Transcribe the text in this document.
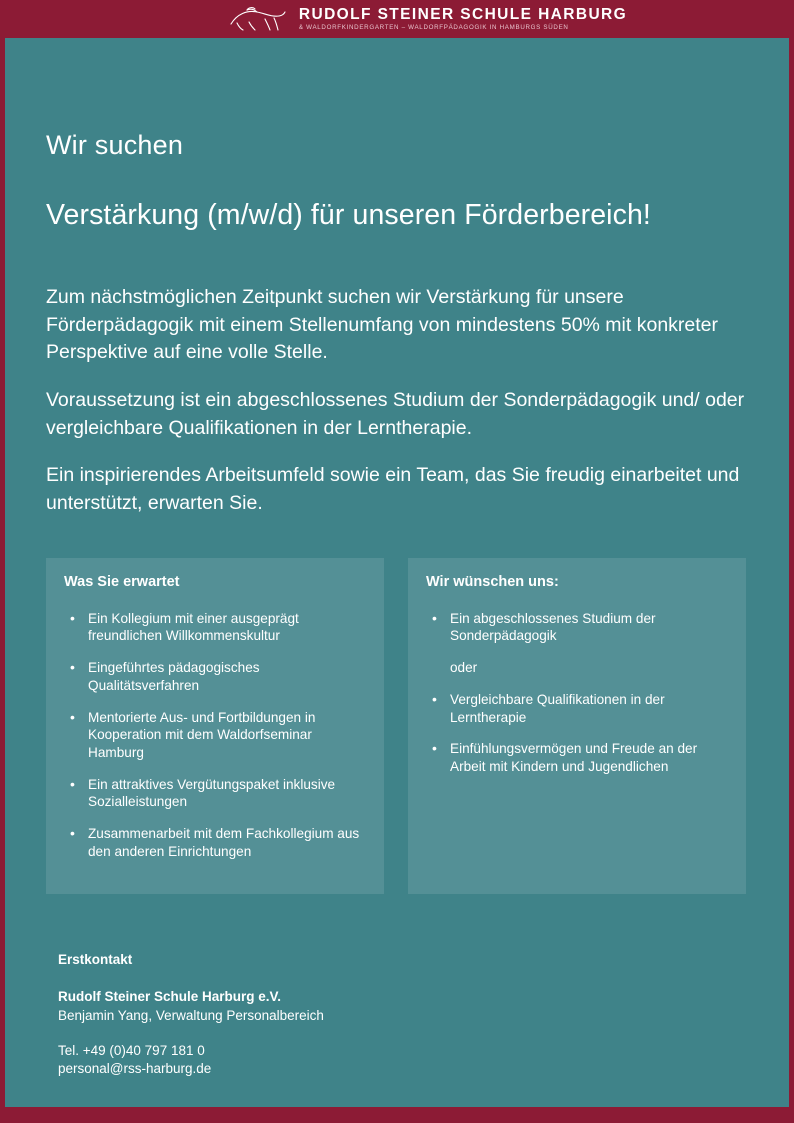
RUDOLF STEINER SCHULE HARBURG
& WALDORFKINDERGARTEN – WALDORFPÄDAGOGIK IN HAMBURGS SÜDEN
Wir suchen
Verstärkung (m/w/d) für unseren Förderbereich!

Zum nächstmöglichen Zeitpunkt suchen wir Verstärkung für unsere Förderpädagogik mit einem Stellenumfang von mindestens 50% mit konkreter Perspektive auf eine volle Stelle.

Voraussetzung ist ein abgeschlossenes Studium der Sonderpädagogik und/ oder vergleichbare Qualifikationen in der Lerntherapie.

Ein inspirierendes Arbeitsumfeld sowie ein Team, das Sie freudig einarbeitet und unterstützt, erwarten Sie.

Was Sie erwartet
• Ein Kollegium mit einer ausgeprägt freundlichen Willkommenskultur
• Eingeführtes pädagogisches Qualitätsverfahren
• Mentorierte Aus- und Fortbildungen in Kooperation mit dem Waldorfseminar Hamburg
• Ein attraktives Vergütungspaket inklusive Sozialleistungen
• Zusammenarbeit mit dem Fachkollegium aus den anderen Einrichtungen
Wir wünschen uns:
• Ein abgeschlossenes Studium der Sonderpädagogik
oder
• Vergleichbare Qualifikationen in der Lerntherapie
• Einfühlungsvermögen und Freude an der Arbeit mit Kindern und Jugendlichen
Erstkontakt
Rudolf Steiner Schule Harburg e.V.
Benjamin Yang, Verwaltung Personalbereich
Tel. +49 (0)40 797 181 0
personal@rss-harburg.de
